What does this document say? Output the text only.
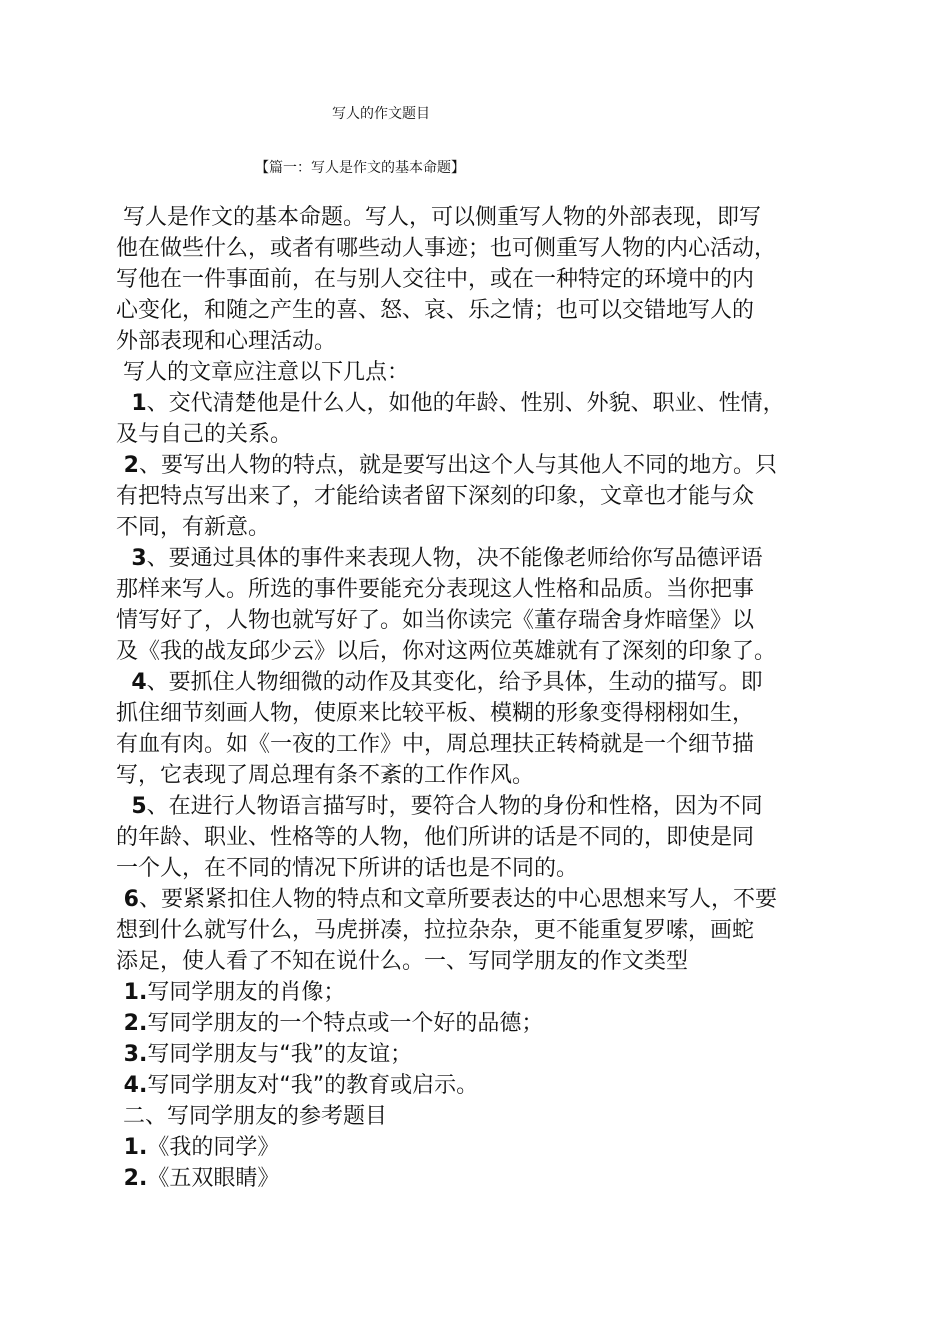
写人的作文题目
【篇一：写人是作文的基本命题】
写人是作文的基本命题。写人，可以侧重写人物的外部表现，即写
他在做些什么，或者有哪些动人事迹；也可侧重写人物的内心活动，
写他在一件事面前，在与别人交往中，或在一种特定的环境中的内
心变化，和随之产生的喜、怒、哀、乐之情；也可以交错地写人的
外部表现和心理活动。
写人的文章应注意以下几点：
1、交代清楚他是什么人，如他的年龄、性别、外貌、职业、性情，
及与自己的关系。
2、要写出人物的特点，就是要写出这个人与其他人不同的地方。只
有把特点写出来了，才能给读者留下深刻的印象，文章也才能与众
不同，有新意。
3、要通过具体的事件来表现人物，决不能像老师给你写品德评语
那样来写人。所选的事件要能充分表现这人性格和品质。当你把事
情写好了，人物也就写好了。如当你读完《董存瑞舍身炸暗堡》以
及《我的战友邱少云》以后，你对这两位英雄就有了深刻的印象了。
4、要抓住人物细微的动作及其变化，给予具体，生动的描写。即
抓住细节刻画人物，使原来比较平板、模糊的形象变得栩栩如生，
有血有肉。如《一夜的工作》中，周总理扶正转椅就是一个细节描
写，它表现了周总理有条不紊的工作作风。
5、在进行人物语言描写时，要符合人物的身份和性格，因为不同
的年龄、职业、性格等的人物，他们所讲的话是不同的，即使是同
一个人，在不同的情况下所讲的话也是不同的。
6、要紧紧扣住人物的特点和文章所要表达的中心思想来写人，不要
想到什么就写什么，马虎拼凑，拉拉杂杂，更不能重复罗嗦，画蛇
添足，使人看了不知在说什么。一、写同学朋友的作文类型
1.写同学朋友的肖像；
2.写同学朋友的一个特点或一个好的品德；
3.写同学朋友与“我”的友谊；
4.写同学朋友对“我”的教育或启示。
二、写同学朋友的参考题目
1.《我的同学》
2.《五双眼睛》
